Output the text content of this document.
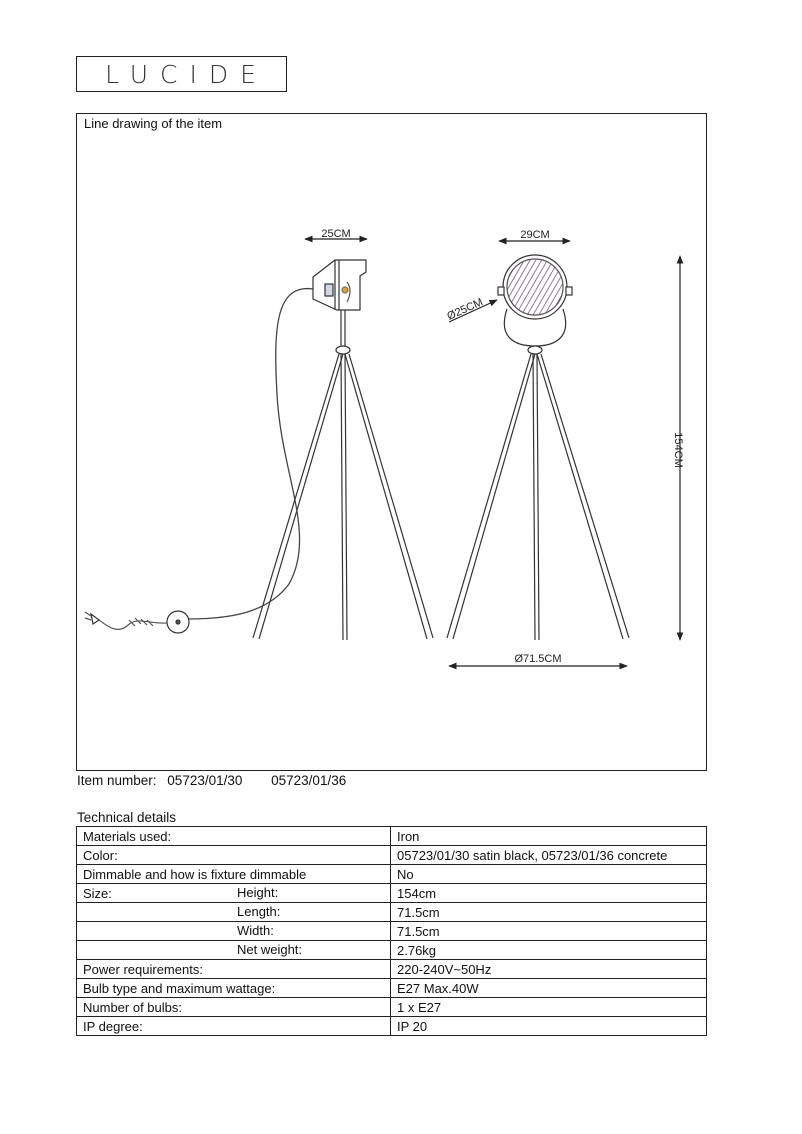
LUCIDE
Line drawing of the item
25CM	29CM
Ø25CM
154CM
Ø71.5CM
Item number: 05723/01/30 05723/01/36
Technical details
Materials used:	Iron
Color:	05723/01/30 satin black, 05723/01/36 concrete
Dimmable and how is fixture dimmable	No
Size: Height:	154cm

Length:	71.5cm

Width:	71.5cm

Net weight:	2.76kg
Power requirements:	220-240V~50Hz
Bulb type and maximum wattage:	E27 Max.40W
Number of bulbs:	1 x E27
IP degree:	IP 20
